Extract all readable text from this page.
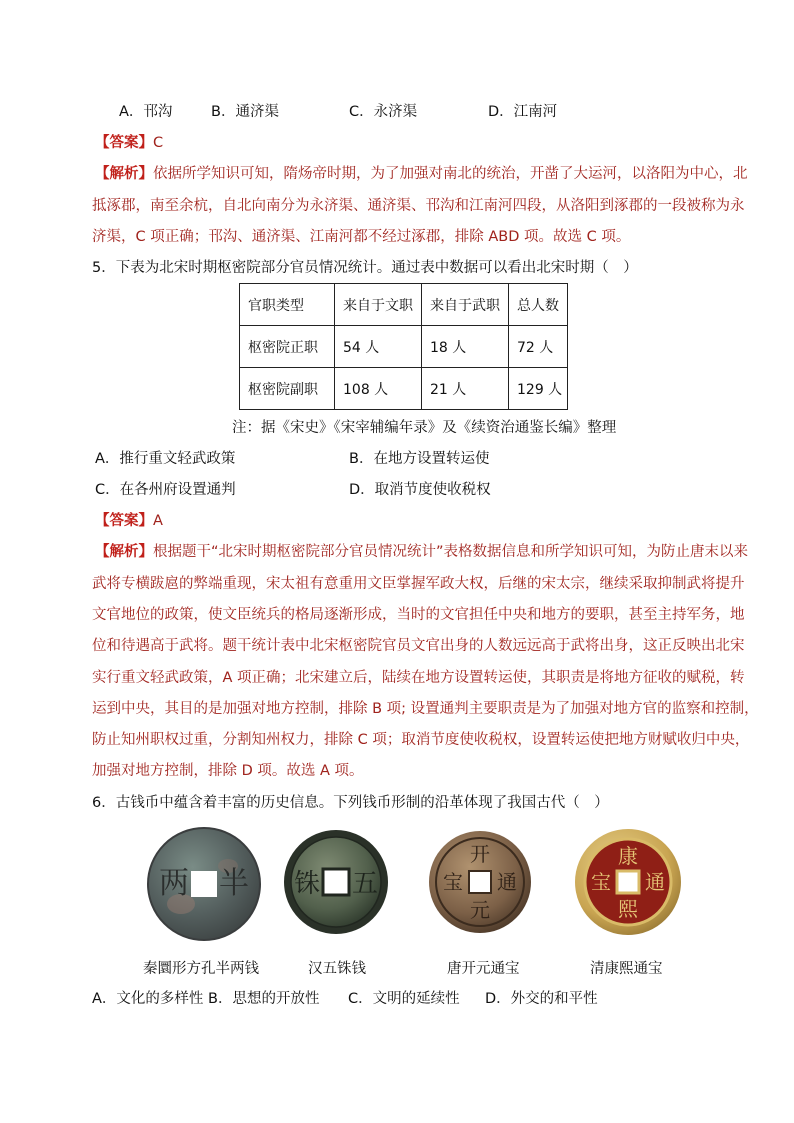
A．邗沟	B．通济渠	C．永济渠	D．江南河
【答案】C
【解析】依据所学知识可知，隋炀帝时期，为了加强对南北的统治，开凿了大运河，以洛阳为中心，北
抵涿郡，南至余杭，自北向南分为永济渠、通济渠、邗沟和江南河四段，从洛阳到涿郡的一段被称为永
济渠，C 项正确；邗沟、通济渠、江南河都不经过涿郡，排除 ABD 项。故选 C 项。
5．下表为北宋时期枢密院部分官员情况统计。通过表中数据可以看出北宋时期（　）
官职类型	来自于文职	来自于武职	总人数
枢密院正职	54 人	18 人	72 人
枢密院副职	108 人	21 人	129 人
注：据《宋史》《宋宰辅编年录》及《续资治通鉴长编》整理
A．推行重文轻武政策	B．在地方设置转运使
C．在各州府设置通判	D．取消节度使收税权
【答案】A
【解析】根据题干“北宋时期枢密院部分官员情况统计”表格数据信息和所学知识可知，为防止唐末以来
武将专横跋扈的弊端重现，宋太祖有意重用文臣掌握军政大权，后继的宋太宗，继续采取抑制武将提升
文官地位的政策，使文臣统兵的格局逐渐形成，当时的文官担任中央和地方的要职，甚至主持军务，地
位和待遇高于武将。题干统计表中北宋枢密院官员文官出身的人数远远高于武将出身，这正反映出北宋
实行重文轻武政策，A 项正确；北宋建立后，陆续在地方设置转运使，其职责是将地方征收的赋税，转
运到中央，其目的是加强对地方控制，排除 B 项; 设置通判主要职责是为了加强对地方官的监察和控制，
防止知州职权过重，分割知州权力，排除 C 项；取消节度使收税权，设置转运使把地方财赋收归中央，
加强对地方控制，排除 D 项。故选 A 项。
6．古钱币中蕴含着丰富的历史信息。下列钱币形制的沿革体现了我国古代（　）
半
两	铢 五
开
通
元
宝
康
通
熙
宝
秦圜形方孔半两钱	汉五铢钱	唐开元通宝	清康熙通宝
A．文化的多样性 B．思想的开放性 C．文明的延续性 D．外交的和平性
